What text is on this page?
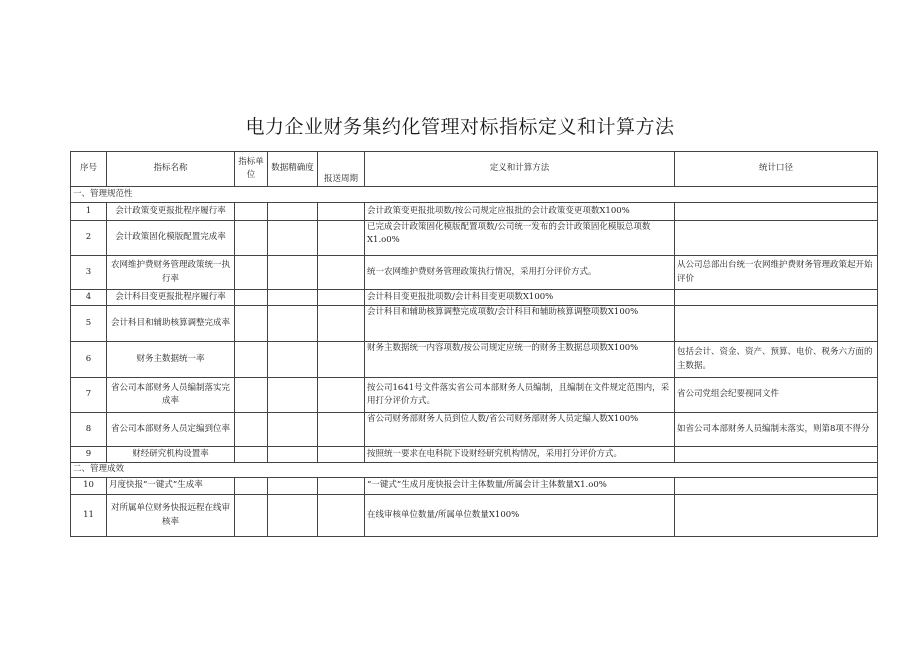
电力企业财务集约化管理对标指标定义和计算方法
序号	指标名称	指标单位	数据精确度	报送周期	定义和计算方法	统计口径
一、管理规范性						
1	会计政策变更报批程序履行率				会计政策变更报批项数/按公司规定应报批的会计政策变更项数X100%	
2	会计政策固化模版配置完成率				已完成会计政策固化模版配置项数/公司统一发布的会计政策固化模版总项数X1.o0%	
3	农网维护费财务管理政策统一执行率				统一农网维护费财务管理政策执行情况，采用打分评价方式。	从公司总部出台统一农网维护费财务管理政策起开始评价
4	会计科目变更报批程序履行率				会计科目变更报批项数/会计科目变更项数X100%	
5	会计科目和辅助核算调整完成率				会计科目和辅助核算调整完成项数/会计科目和辅助核算调整项数X100%	
6	财务主数据统一率				财务主数据统一内容项数/按公司规定应统一的财务主数据总项数X100%	包括会计、资金、资产、预算、电价、税务六方面的主数据。
7	省公司本部财务人员编制落实完成率				按公司1641号文件落实省公司本部财务人员编制，且编制在文件规定范围内，采用打分评价方式。	省公司党组会纪要视同文件
8	省公司本部财务人员定编到位率				省公司财务部财务人员到位人数/省公司财务部财务人员定编人数X100%	如省公司本部财务人员编制未落实，则第8项不得分
9	财经研究机构设置率				按照统一要求在电科院下设财经研究机构情况，采用打分评价方式。	
二、管理成效						
10	月度快报“一键式”生成率				“一键式”生成月度快报会计主体数量/所属会计主体数量X1.o0%	
11	对所属单位财务快报远程在线审核率				在线审核单位数量/所属单位数量X100%	
